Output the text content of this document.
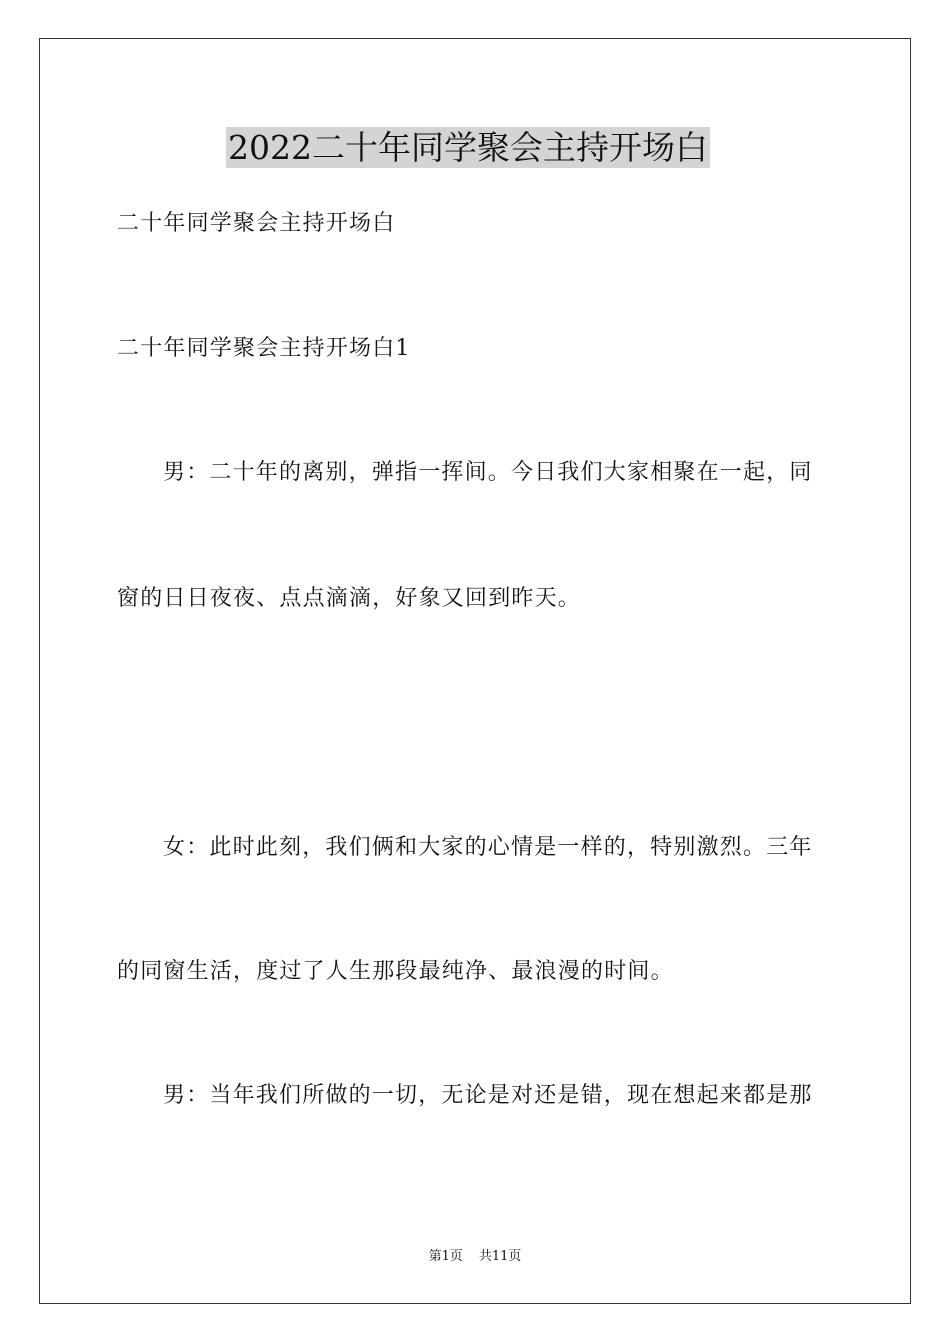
2022二十年同学聚会主持开场白
二十年同学聚会主持开场白
二十年同学聚会主持开场白1
男：二十年的离别，弹指一挥间。今日我们大家相聚在一起，同
窗的日日夜夜、点点滴滴，好象又回到昨天。
女：此时此刻，我们俩和大家的心情是一样的，特别激烈。三年
的同窗生活，度过了人生那段最纯净、最浪漫的时间。
男：当年我们所做的一切，无论是对还是错，现在想起来都是那
第1页 共11页
